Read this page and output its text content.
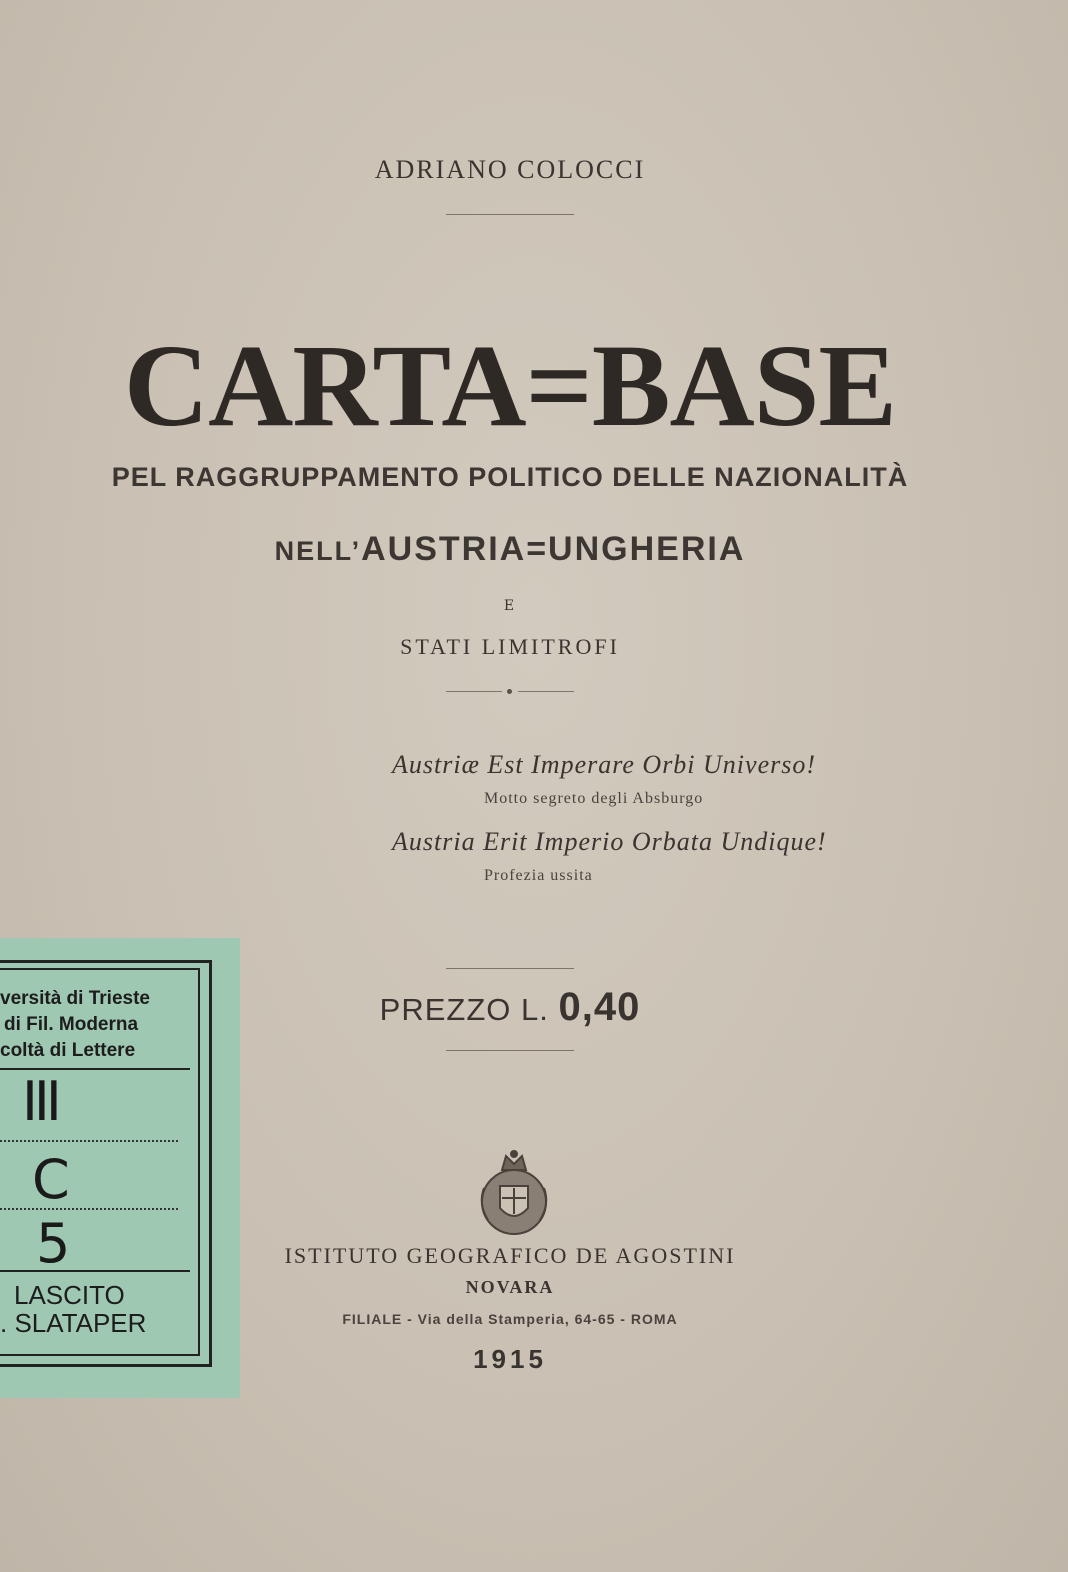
ADRIANO COLOCCI
CARTA=BASE
PEL RAGGRUPPAMENTO POLITICO DELLE NAZIONALITÀ
NELL’AUSTRIA=UNGHERIA
E
STATI LIMITROFI
Austriæ Est Imperare Orbi Universo!
Motto segreto degli Absburgo
Austria Erit Imperio Orbata Undique!
Profezia ussita
PREZZO L. 0,40
ISTITUTO GEOGRAFICO DE AGOSTINI
NOVARA
FILIALE - Via della Stamperia, 64-65 - ROMA
1915
versità di Trieste
di Fil. Moderna
coltà di Lettere
III
C
5
LASCITO
. SLATAPER
